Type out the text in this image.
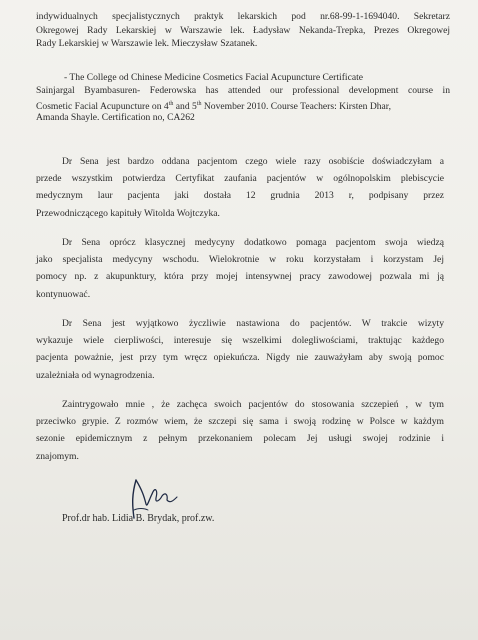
indywidualnych specjalistycznych praktyk lekarskich pod nr.68-99-1-1694040. Sekretarz
Okregowej Rady Lekarskiej w Warszawie lek. Ładysław Nekanda-Trepka, Prezes Okregowej
Rady Lekarskiej w Warszawie lek. Mieczysław Szatanek.
- The College od Chinese Medicine Cosmetics Facial Acupuncture Certificate
Sainjargal Byambasuren- Federowska has attended our professional development course in
Cosmetic Facial Acupuncture on 4th and 5th November 2010. Course Teachers: Kirsten Dhar,
Amanda Shayle. Certification no, CA262
Dr Sena jest bardzo oddana pacjentom czego wiele razy osobiście doświadczyłam a
przede wszystkim potwierdza Certyfikat zaufania pacjentów w ogólnopolskim plebiscycie
medycznym laur pacjenta jaki dostała 12 grudnia 2013 r, podpisany przez
Przewodniczącego kapituły Witolda Wojtczyka.
Dr Sena oprócz klasycznej medycyny dodatkowo pomaga pacjentom swoja wiedzą
jako specjalista medycyny wschodu. Wielokrotnie w roku korzystałam i korzystam Jej
pomocy np. z akupunktury, która przy mojej intensywnej pracy zawodowej pozwala mi ją
kontynuować.
Dr Sena jest wyjątkowo życzliwie nastawiona do pacjentów. W trakcie wizyty
wykazuje wiele cierpliwości, interesuje się wszelkimi dolegliwościami, traktując każdego
pacjenta poważnie, jest przy tym wręcz opiekuńcza. Nigdy nie zauważyłam aby swoją pomoc
uzależniała od wynagrodzenia.
Zaintrygowało mnie , że zachęca swoich pacjentów do stosowania szczepień , w tym
przeciwko grypie. Z rozmów wiem, że szczepi się sama i swoją rodzinę w Polsce w każdym
sezonie epidemicznym z pełnym przekonaniem polecam Jej usługi swojej rodzinie i
znajomym.
Prof.dr hab. Lidia B. Brydak, prof.zw.
